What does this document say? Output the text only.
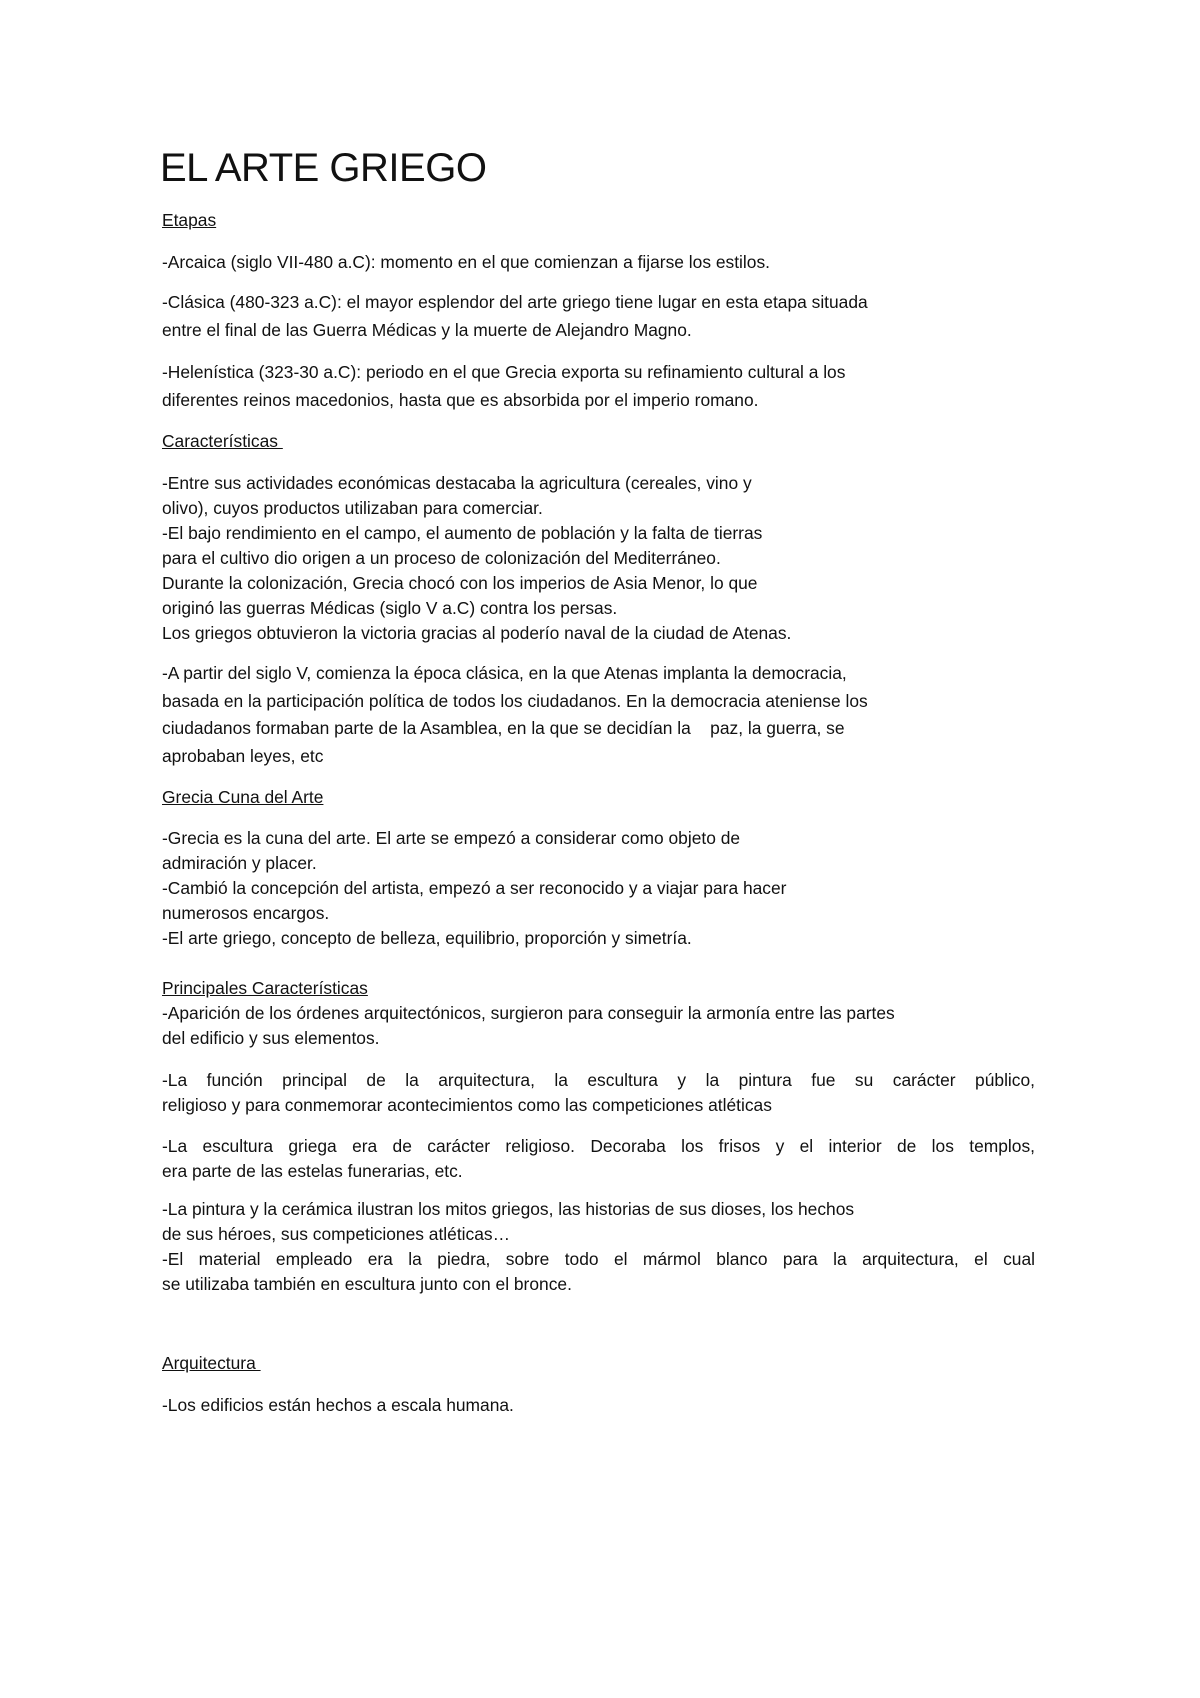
EL ARTE GRIEGO
Etapas
-Arcaica (siglo VII-480 a.C): momento en el que comienzan a fijarse los estilos.
-Clásica (480-323 a.C): el mayor esplendor del arte griego tiene lugar en esta etapa situada
entre el final de las Guerra Médicas y la muerte de Alejandro Magno.
-Helenística (323-30 a.C): periodo en el que Grecia exporta su refinamiento cultural a los
diferentes reinos macedonios, hasta que es absorbida por el imperio romano.
Características
-Entre sus actividades económicas destacaba la agricultura (cereales, vino y
olivo), cuyos productos utilizaban para comerciar.
-El bajo rendimiento en el campo, el aumento de población y la falta de tierras
para el cultivo dio origen a un proceso de colonización del Mediterráneo.
Durante la colonización, Grecia chocó con los imperios de Asia Menor, lo que
originó las guerras Médicas (siglo V a.C) contra los persas.
Los griegos obtuvieron la victoria gracias al poderío naval de la ciudad de Atenas.
-A partir del siglo V, comienza la época clásica, en la que Atenas implanta la democracia,
basada en la participación política de todos los ciudadanos. En la democracia ateniense los
ciudadanos formaban parte de la Asamblea, en la que se decidían la    paz, la guerra, se
aprobaban leyes, etc
Grecia Cuna del Arte
-Grecia es la cuna del arte. El arte se empezó a considerar como objeto de
admiración y placer.
-Cambió la concepción del artista, empezó a ser reconocido y a viajar para hacer
numerosos encargos.
-El arte griego, concepto de belleza, equilibrio, proporción y simetría.
Principales Características
-Aparición de los órdenes arquitectónicos, surgieron para conseguir la armonía entre las partes
del edificio y sus elementos.
-La función principal de la arquitectura, la escultura y la pintura fue su carácter público,
religioso y para conmemorar acontecimientos como las competiciones atléticas
-La escultura griega era de carácter religioso. Decoraba los frisos y el interior de los templos,
era parte de las estelas funerarias, etc.
-La pintura y la cerámica ilustran los mitos griegos, las historias de sus dioses, los hechos
de sus héroes, sus competiciones atléticas…
-El material empleado era la piedra, sobre todo el mármol blanco para la arquitectura, el cual
se utilizaba también en escultura junto con el bronce.
Arquitectura
-Los edificios están hechos a escala humana.
